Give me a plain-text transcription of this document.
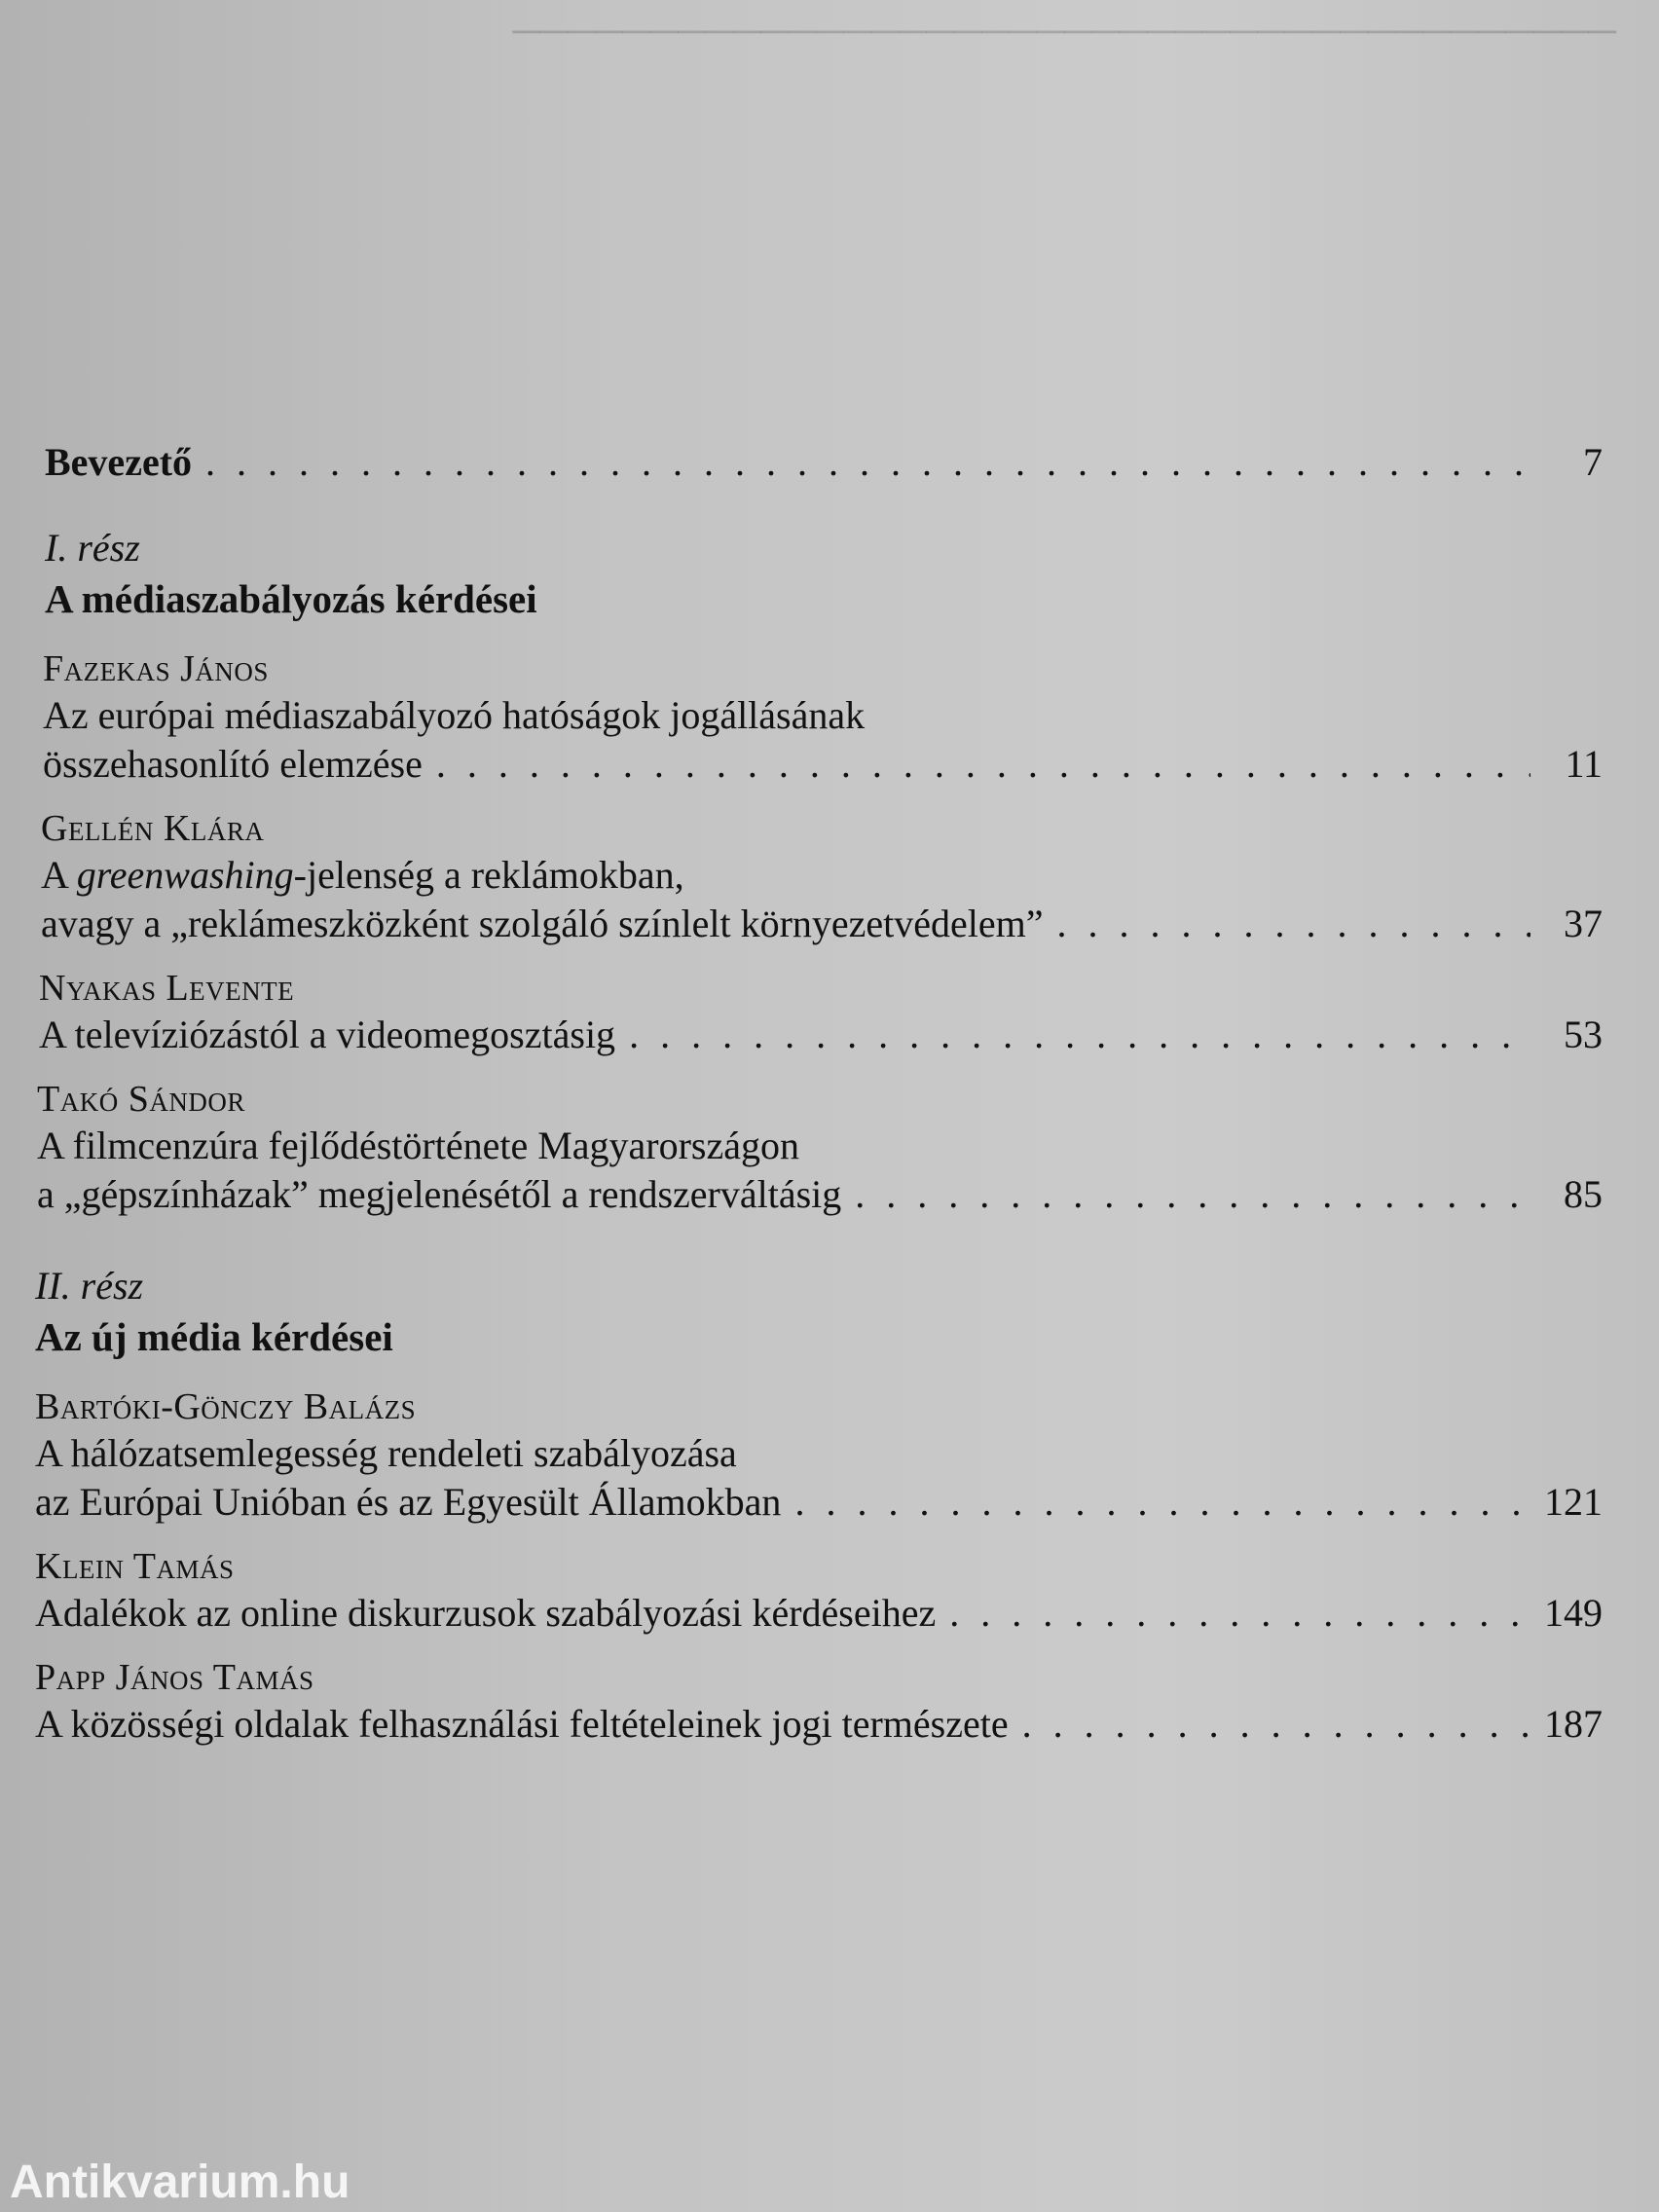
────────────────────────────────────────
Bevezető . . .	7
I. rész
A médiaszabályozás kérdései
Fazekas János
Az európai médiaszabályozó hatóságok jogállásának
összehasonlító elemzése . . .	11
Gellén Klára
A greenwashing-jelenség a reklámokban,
avagy a „reklámeszközként szolgáló színlelt környezetvédelem” . . .	37
Nyakas Levente
A televíziózástól a videomegosztásig . . .	53
Takó Sándor
A filmcenzúra fejlődéstörténete Magyarországon
a „gépszínházak” megjelenésétől a rendszerváltásig . . .	85
II. rész
Az új média kérdései
Bartóki-Gönczy Balázs
A hálózatsemlegesség rendeleti szabályozása
az Európai Unióban és az Egyesült Államokban . . .	121
Klein Tamás
Adalékok az online diskurzusok szabályozási kérdéseihez . . .	149
Papp János Tamás
A közösségi oldalak felhasználási feltételeinek jogi természete . . .	187
Antikvarium.hu
